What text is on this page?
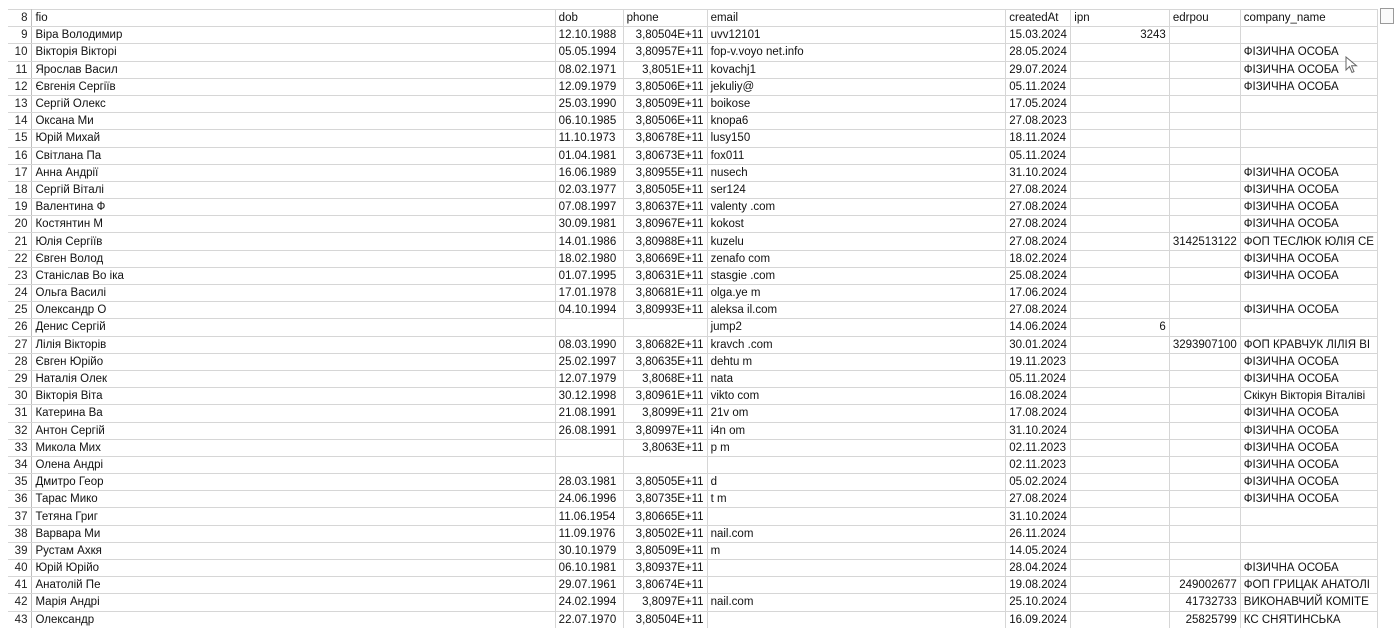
8	fio	dob	phone	email	createdAt	ipn	edrpou	company_name
9	Віра Володимир	12.10.1988	3,80504E+11	uvv12101	15.03.2024	3243		
10	Вікторія Вікторі	05.05.1994	3,80957E+11	fop-v.voyo net.info	28.05.2024			ФІЗИЧНА ОСОБА
11	Ярослав Васил	08.02.1971	3,8051E+11	kovachj1	29.07.2024			ФІЗИЧНА ОСОБА
12	Євгенія Сергіїв	12.09.1979	3,80506E+11	jekuliy@	05.11.2024			ФІЗИЧНА ОСОБА
13	Сергій Олекс	25.03.1990	3,80509E+11	boikose	17.05.2024			
14	Оксана Ми	06.10.1985	3,80506E+11	knopa6	27.08.2023			
15	Юрій Михай	11.10.1973	3,80678E+11	lusy150	18.11.2024			
16	Світлана Па	01.04.1981	3,80673E+11	fox011	05.11.2024			
17	Анна Андрії	16.06.1989	3,80955E+11	nusech	31.10.2024			ФІЗИЧНА ОСОБА
18	Сергій Віталі	02.03.1977	3,80505E+11	ser124	27.08.2024			ФІЗИЧНА ОСОБА
19	Валентина Ф	07.08.1997	3,80637E+11	valenty .com	27.08.2024			ФІЗИЧНА ОСОБА
20	Костянтин М	30.09.1981	3,80967E+11	kokost	27.08.2024			ФІЗИЧНА ОСОБА
21	Юлія Сергіїв	14.01.1986	3,80988E+11	kuzelu	27.08.2024		3142513122	ФОП ТЕСЛЮК ЮЛІЯ СЕ
22	Євген Волод	18.02.1980	3,80669E+11	zenafo com	18.02.2024			ФІЗИЧНА ОСОБА
23	Станіслав Во іка	01.07.1995	3,80631E+11	stasgie .com	25.08.2024			ФІЗИЧНА ОСОБА
24	Ольга Василі	17.01.1978	3,80681E+11	olga.ye m	17.06.2024			
25	Олександр О	04.10.1994	3,80993E+11	aleksa il.com	27.08.2024			ФІЗИЧНА ОСОБА
26	Денис Сергій			jump2	14.06.2024	6		
27	Лілія Вікторів	08.03.1990	3,80682E+11	kravch .com	30.01.2024		3293907100	ФОП КРАВЧУК ЛІЛІЯ ВІ
28	Євген Юрійо	25.02.1997	3,80635E+11	dehtu m	19.11.2023			ФІЗИЧНА ОСОБА
29	Наталія Олек	12.07.1979	3,8068E+11	nata	05.11.2024			ФІЗИЧНА ОСОБА
30	Вікторія Віта	30.12.1998	3,80961E+11	vikto com	16.08.2024			Скікун Вікторія Віталіві
31	Катерина Ва	21.08.1991	3,8099E+11	21v om	17.08.2024			ФІЗИЧНА ОСОБА
32	Антон Сергій	26.08.1991	3,80997E+11	i4n om	31.10.2024			ФІЗИЧНА ОСОБА
33	Микола Мих		3,8063E+11	p m	02.11.2023			ФІЗИЧНА ОСОБА
34	Олена Андрі				02.11.2023			ФІЗИЧНА ОСОБА
35	Дмитро Геор	28.03.1981	3,80505E+11	d	05.02.2024			ФІЗИЧНА ОСОБА
36	Тарас Мико	24.06.1996	3,80735E+11	t m	27.08.2024			ФІЗИЧНА ОСОБА
37	Тетяна Григ	11.06.1954	3,80665E+11		31.10.2024			
38	Варвара Ми	11.09.1976	3,80502E+11	nail.com	26.11.2024			
39	Рустам Ахкя	30.10.1979	3,80509E+11	m	14.05.2024			
40	Юрій Юрійо	06.10.1981	3,80937E+11		28.04.2024			ФІЗИЧНА ОСОБА
41	Анатолій Пе	29.07.1961	3,80674E+11		19.08.2024		249002677	ФОП ГРИЦАК АНАТОЛІ
42	Марія Андрі	24.02.1994	3,8097E+11	nail.com	25.10.2024		41732733	ВИКОНАВЧИЙ КОМІТЕ
43	Олександр	22.07.1970	3,80504E+11		16.09.2024		25825799	КС СНЯТИНСЬКА
